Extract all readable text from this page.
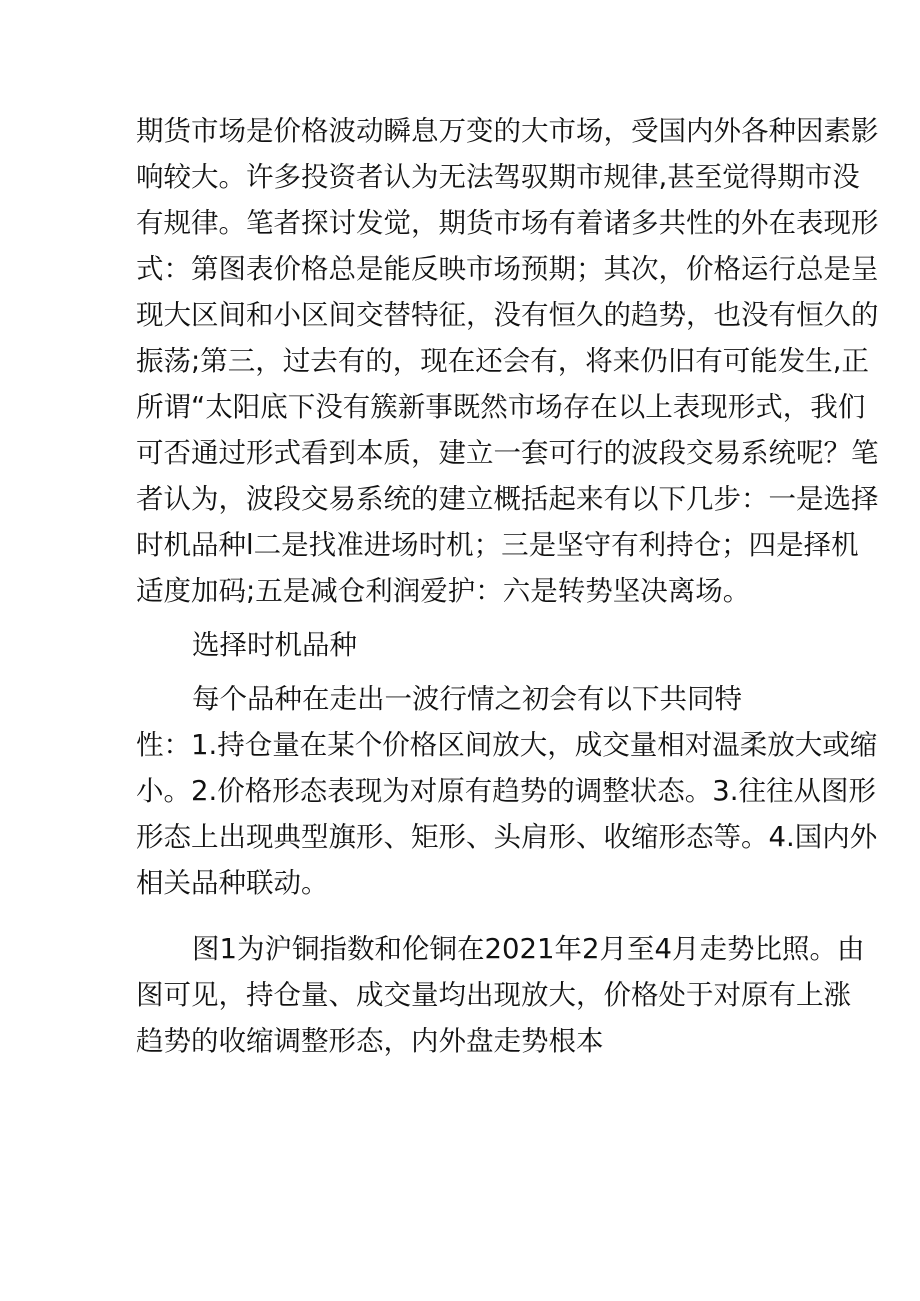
期货市场是价格波动瞬息万变的大市场，受国内外各种因素影
响较大。许多投资者认为无法驾驭期市规律,甚至觉得期市没
有规律。笔者探讨发觉，期货市场有着诸多共性的外在表现形
式：第图表价格总是能反映市场预期；其次，价格运行总是呈
现大区间和小区间交替特征，没有恒久的趋势，也没有恒久的
振荡;第三，过去有的，现在还会有，将来仍旧有可能发生,正
所谓“太阳底下没有簇新事既然市场存在以上表现形式，我们
可否通过形式看到本质，建立一套可行的波段交易系统呢？笔
者认为，波段交易系统的建立概括起来有以下几步：一是选择
时机品种l二是找准进场时机；三是坚守有利持仓；四是择机
适度加码;五是减仓利润爱护：六是转势坚决离场。
选择时机品种
每个品种在走出一波行情之初会有以下共同特
性：1.持仓量在某个价格区间放大，成交量相对温柔放大或缩
小。2.价格形态表现为对原有趋势的调整状态。3.往往从图形
形态上出现典型旗形、矩形、头肩形、收缩形态等。4.国内外
相关品种联动。
图1为沪铜指数和伦铜在2021年2月至4月走势比照。由
图可见，持仓量、成交量均出现放大，价格处于对原有上涨
趋势的收缩调整形态，内外盘走势根本
